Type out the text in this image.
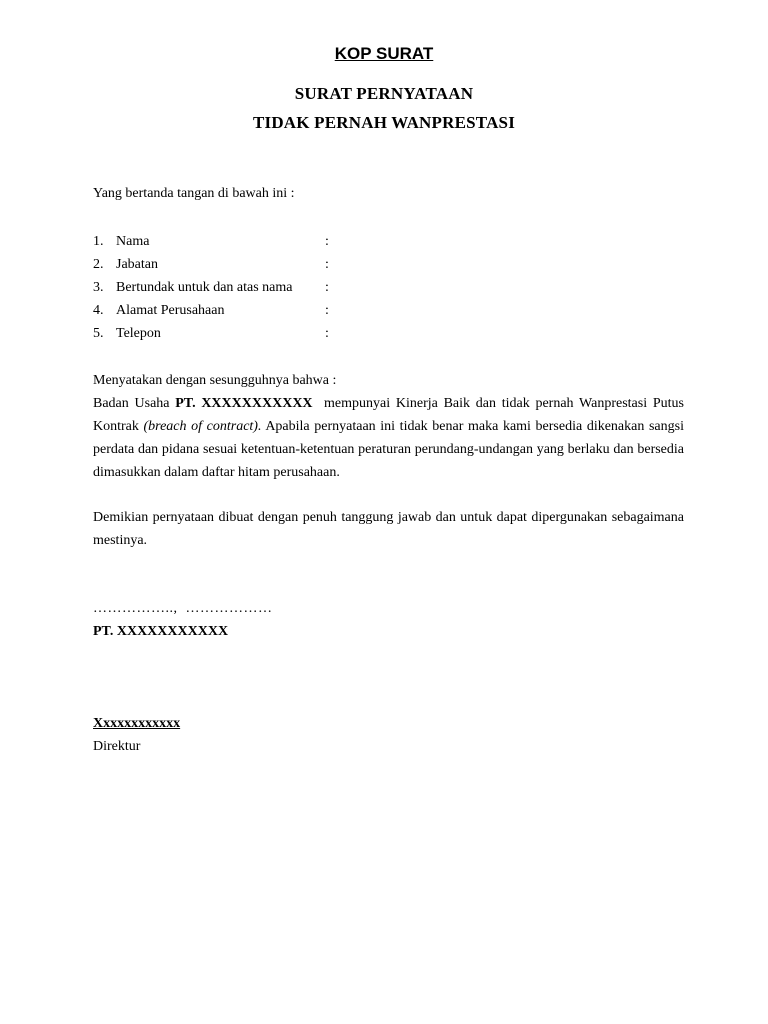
KOP SURAT
SURAT PERNYATAAN
TIDAK PERNAH WANPRESTASI
Yang bertanda tangan di bawah ini :
1. Nama	:
2. Jabatan	:
3. Bertundak untuk dan atas nama :
4. Alamat Perusahaan	:
5. Telepon	:
Menyatakan dengan sesungguhnya bahwa :
Badan Usaha PT. XXXXXXXXXXX  mempunyai Kinerja Baik dan tidak pernah Wanprestasi Putus Kontrak (breach of contract). Apabila pernyataan ini tidak benar maka kami bersedia dikenakan sangsi perdata dan pidana sesuai ketentuan-ketentuan peraturan perundang-undangan yang berlaku dan bersedia dimasukkan dalam daftar hitam perusahaan.
Demikian pernyataan dibuat dengan penuh tanggung jawab dan untuk dapat dipergunakan sebagaimana mestinya.
……………..,  ………………
PT. XXXXXXXXXXX
Xxxxxxxxxxxx
Direktur
